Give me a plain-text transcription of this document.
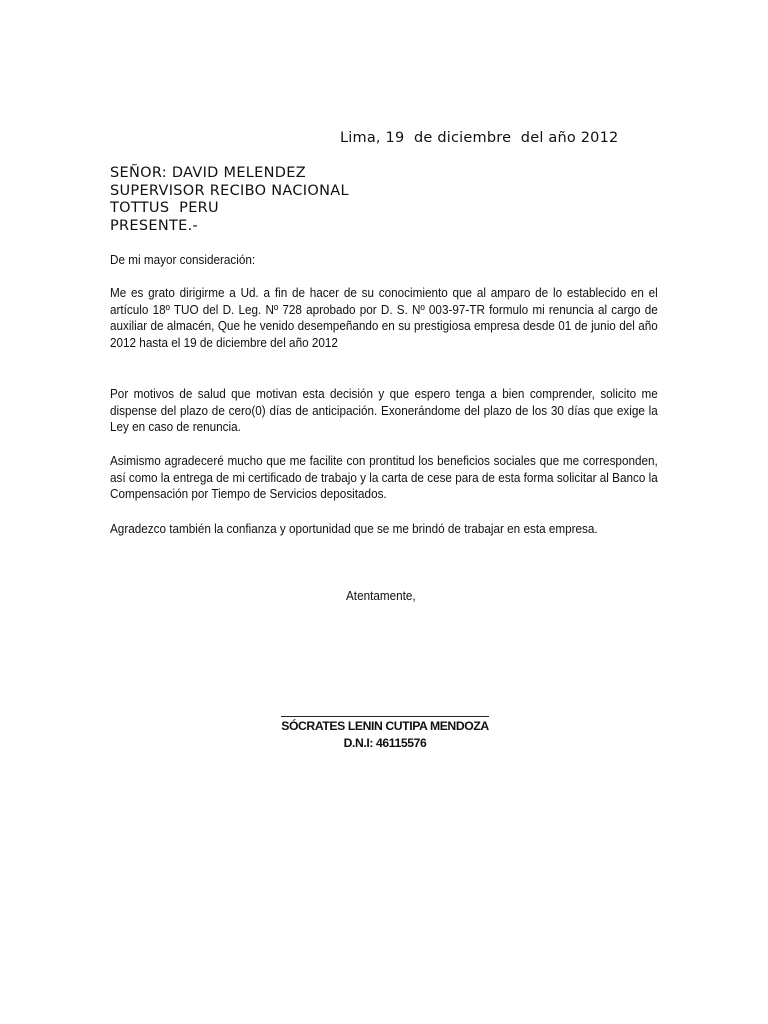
Lima, 19  de diciembre  del año 2012
SEÑOR: DAVID MELENDEZ
SUPERVISOR RECIBO NACIONAL
TOTTUS  PERU
PRESENTE.-
De mi mayor consideración:
Me es grato dirigirme a Ud. a fin de hacer de su conocimiento que al amparo de lo establecido en el artículo 18º TUO del D. Leg. Nº 728 aprobado por D. S. Nº 003-97-TR formulo mi renuncia al cargo de auxiliar de almacén, Que he venido desempeñando en su prestigiosa empresa desde 01 de junio del año 2012 hasta el 19 de diciembre del año 2012
Por motivos de salud que motivan esta decisión y que espero tenga a bien comprender, solicito me dispense del plazo de cero(0) días de anticipación. Exonerándome del plazo de los 30 días que exige la Ley en caso de renuncia.
Asimismo agradeceré mucho que me facilite con prontitud los beneficios sociales que me corresponden, así como la entrega de mi certificado de trabajo y la carta de cese para de esta forma solicitar al Banco la Compensación por Tiempo de Servicios depositados.
Agradezco también la confianza y oportunidad que se me brindó de trabajar en esta empresa.
Atentamente,
SÓCRATES LENIN CUTIPA MENDOZA
D.N.I: 46115576
